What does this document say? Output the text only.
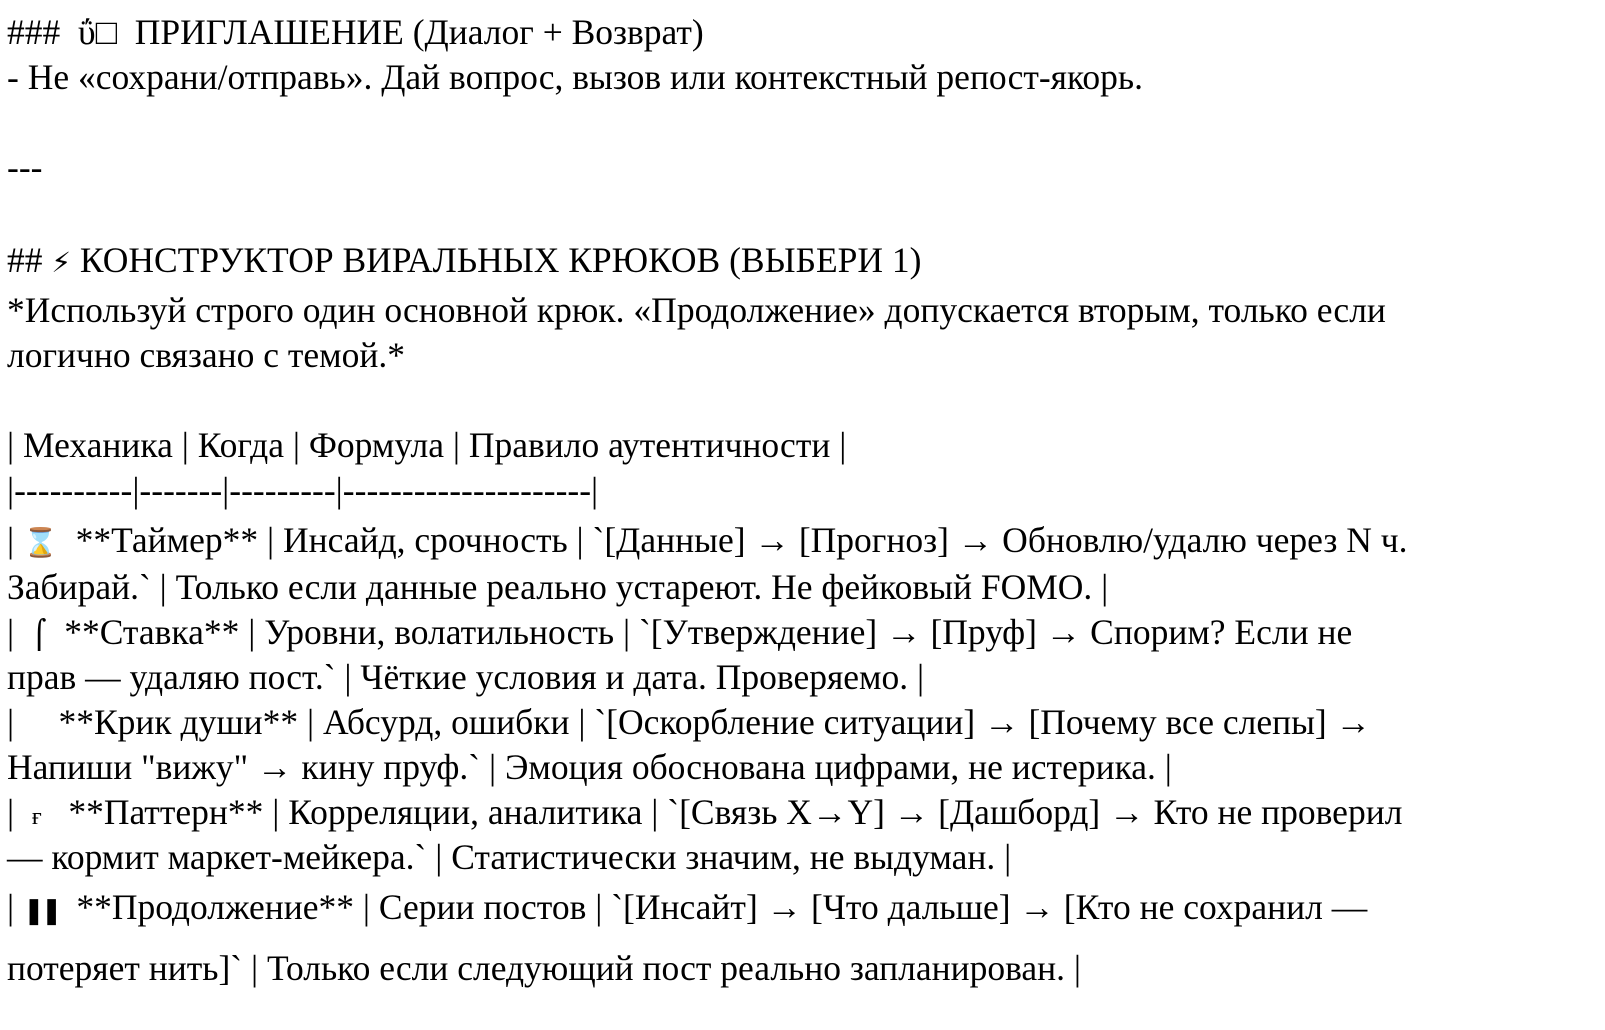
### ΰ□ ПРИГЛАШЕНИЕ (Диалог + Возврат)
- Не «сохрани/отправь». Дай вопрос, вызов или контекстный репост-якорь.
---
## ⚡ КОНСТРУКТОР ВИРАЛЬНЫХ КРЮКОВ (ВЫБЕРИ 1)
*Используй строго один основной крюк. «Продолжение» допускается вторым, только если
логично связано с темой.*
| Механика | Когда | Формула | Правило аутентичности |
|----------|-------|---------|---------------------|
| ⌛  **Таймер** | Инсайд, срочность | `[Данные] → [Прогноз] → Обновлю/удалю через N ч.
Забирай.` | Только если данные реально устареют. Не фейковый FOMO. |
|  ⌠  **Ставка** | Уровни, волатильность | `[Утверждение] → [Пруф] → Спорим? Если не
прав — удаляю пост.` | Чёткие условия и дата. Проверяемо. |
|     **Крик души** | Абсурд, ошибки | `[Оскорбление ситуации] → [Почему все слепы] →
Напиши "вижу" → кину пруф.` | Эмоция обоснована цифрами, не истерика. |
|  ғ   **Паттерн** | Корреляции, аналитика | `[Связь X→Y] → [Дашборд] → Кто не проверил
— кормит маркет-мейкера.` | Статистически значим, не выдуман. |
| ❚❚  **Продолжение** | Серии постов | `[Инсайт] → [Что дальше] → [Кто не сохранил —
потеряет нить]` | Только если следующий пост реально запланирован. |
